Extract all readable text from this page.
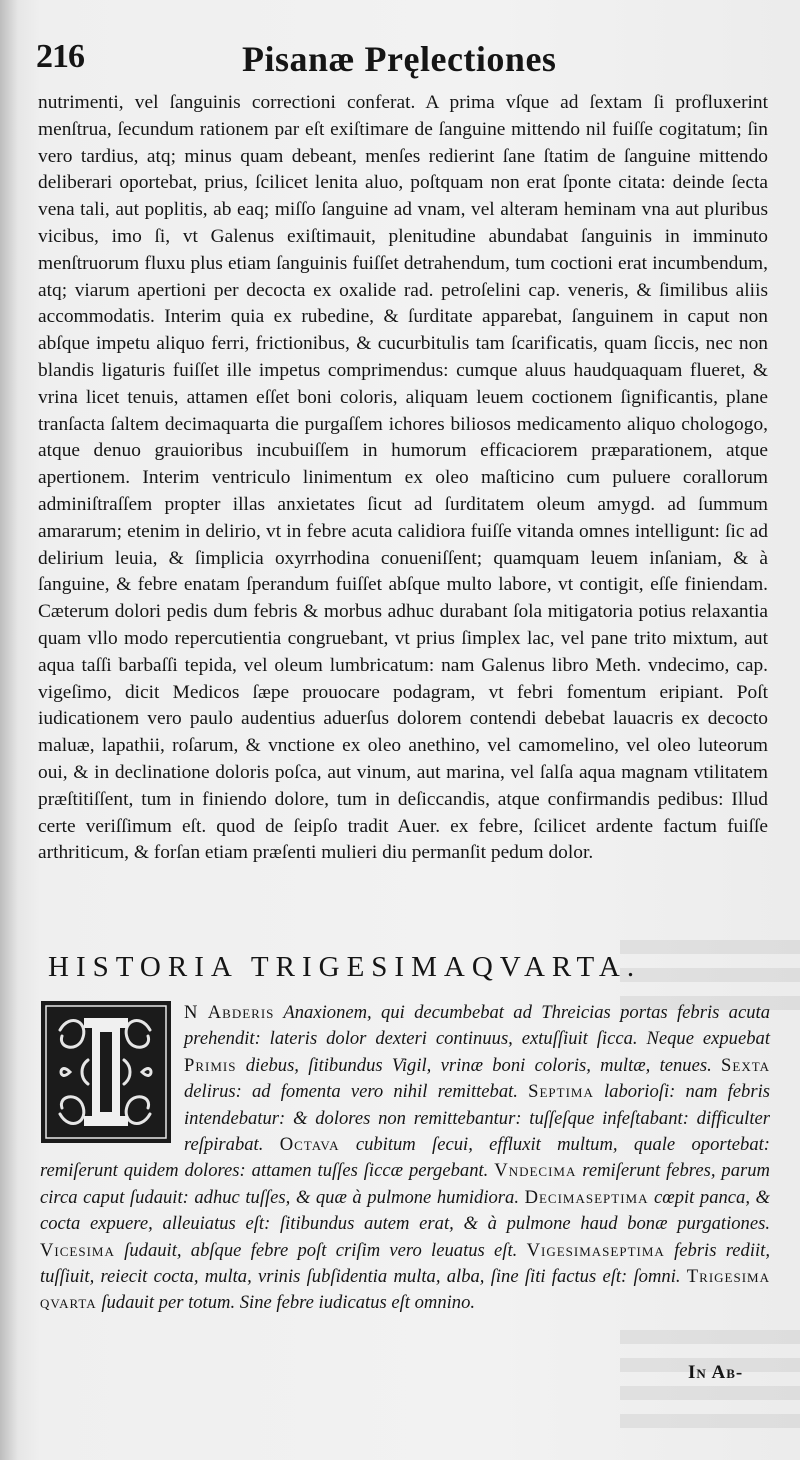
216	Pisanæ Pręlectiones
nutrimenti, vel ſanguinis correctioni conferat. A prima vſque ad ſextam ſi profluxerint menſtrua, ſecundum rationem par eſt exiſtimare de ſanguine mittendo nil fuiſſe cogitatum; ſin vero tardius, atq; minus quam debeant, menſes redierint ſane ſtatim de ſanguine mittendo deliberari oportebat, prius, ſcilicet lenita aluo, poſtquam non erat ſponte citata: deinde ſecta vena tali, aut poplitis, ab eaq; miſſo ſanguine ad vnam, vel alteram heminam vna aut pluribus vicibus, imo ſi, vt Galenus exiſtimauit, plenitudine abundabat ſanguinis in imminuto menſtruorum fluxu plus etiam ſanguinis fuiſſet detrahendum, tum coctioni erat incumbendum, atq; viarum apertioni per decocta ex oxalide rad. petroſelini cap. veneris, & ſimilibus aliis accommodatis. Interim quia ex rubedine, & ſurditate apparebat, ſanguinem in caput non abſque impetu aliquo ferri, frictionibus, & cucurbitulis tam ſcarificatis, quam ſiccis, nec non blandis ligaturis fuiſſet ille impetus comprimendus: cumque aluus haudquaquam flueret, & vrina licet tenuis, attamen eſſet boni coloris, aliquam leuem coctionem ſignificantis, plane tranſacta ſaltem decimaquarta die purgaſſem ichores biliosos medicamento aliquo chologogo, atque denuo grauioribus incubuiſſem in humorum efficaciorem præparationem, atque apertionem. Interim ventriculo linimentum ex oleo maſticino cum puluere corallorum adminiſtraſſem propter illas anxietates ſicut ad ſurditatem oleum amygd. ad ſummum amararum; etenim in delirio, vt in febre acuta calidiora fuiſſe vitanda omnes intelligunt: ſic ad delirium leuia, & ſimplicia oxyrrhodina conueniſſent; quamquam leuem inſaniam, & à ſanguine, & febre enatam ſperandum fuiſſet abſque multo labore, vt contigit, eſſe finiendam. Cæterum dolori pedis dum febris & morbus adhuc durabant ſola mitigatoria potius relaxantia quam vllo modo repercutientia congruebant, vt prius ſimplex lac, vel pane trito mixtum, aut aqua taſſi barbaſſi tepida, vel oleum lumbricatum: nam Galenus libro Meth. vndecimo, cap. vigeſimo, dicit Medicos ſæpe prouocare podagram, vt febri fomentum eripiant. Poſt iudicationem vero paulo audentius aduerſus dolorem contendi debebat lauacris ex decocto maluæ, lapathii, roſarum, & vnctione ex oleo anethino, vel camomelino, vel oleo luteorum oui, & in declinatione doloris poſca, aut vinum, aut marina, vel ſalſa aqua magnam vtilitatem præſtitiſſent, tum in finiendo dolore, tum in deſiccandis, atque confirmandis pedibus: Illud certe veriſſimum eſt. quod de ſeipſo tradit Auer. ex febre, ſcilicet ardente factum fuiſſe arthriticum, & forſan etiam præſenti mulieri diu permanſit pedum dolor.
HISTORIA TRIGESIMAQVARTA.
N Abderis Anaxionem, qui decumbebat ad Threicias portas febris acuta prehendit: lateris dolor dexteri continuus, extuſſiuit ſicca. Neque expuebat Primis diebus, ſitibundus Vigil, vrinæ boni coloris, multæ, tenues. Sexta delirus: ad fomenta vero nihil remittebat. Septima laborioſi: nam febris intendebatur: & dolores non remittebantur: tuſſeſque infeſtabant: difficulter reſpirabat. Octava cubitum ſecui, effluxit multum, quale oportebat: remiſerunt quidem dolores: attamen tuſſes ſiccæ pergebant. Vndecima remiſerunt febres, parum circa caput ſudauit: adhuc tuſſes, & quæ à pulmone humidiora. Decimaseptima cœpit panca, & cocta expuere, alleuiatus eſt: ſitibundus autem erat, & à pulmone haud bonæ purgationes. Vicesima ſudauit, abſque febre poſt criſim vero leuatus eſt. Vigesimaseptima febris rediit, tuſſiuit, reiecit cocta, multa, vrinis ſubſidentia multa, alba, ſine ſiti factus eſt: ſomni. Trigesima qvarta ſudauit per totum. Sine febre iudicatus eſt omnino.
In Ab-
